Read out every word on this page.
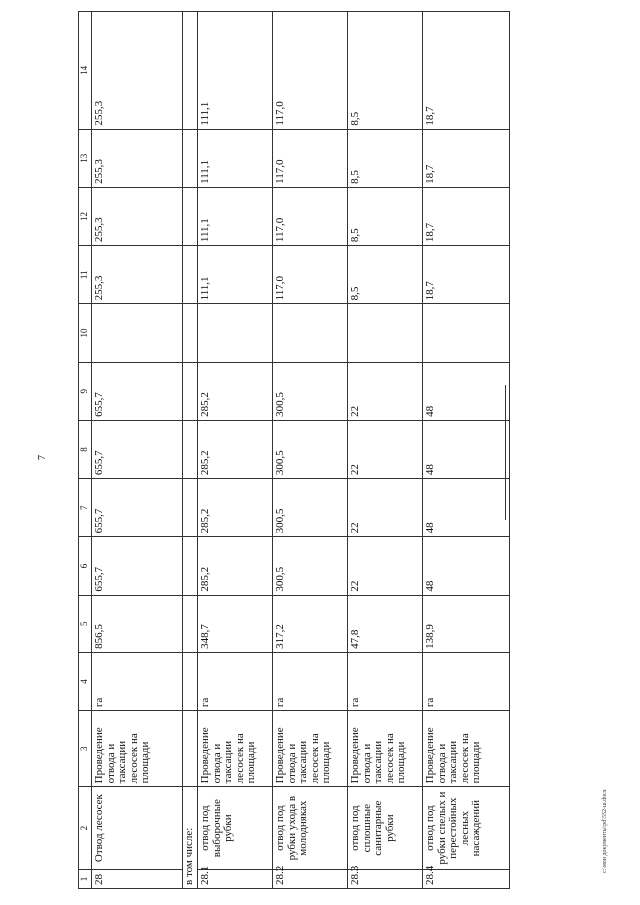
7
1	2	3	4	5	6	7	8	9	10	11	12	13	14
28	Отвод лесосек	Проведение отвода и таксации лесосек на площади	га	856,5	655,7	655,7	655,7	655,7		255,3	255,3	255,3	255,3
в том числе:													
28.1	отвод под выборочные рубки	Проведение отвода и таксации лесосек на площади	га	348,7	285,2	285,2	285,2	285,2		111,1	111,1	111,1	111,1
28.2	отвод под рубки ухода в молодняках	Проведение отвода и таксации лесосек на площади	га	317,2	300,5	300,5	300,5	300,5		117,0	117,0	117,0	117,0
28.3	отвод под сплошные санитарные рубки	Проведение отвода и таксации лесосек на площади	га	47,8	22	22	22	22		8,5	8,5	8,5	8,5
28.4	отвод под рубки спелых и перестойных лесных насаждений	Проведение отвода и таксации лесосек на площади	га	138,9	48	48	48	48		18,7	18,7	18,7	18,7
c:\мои документы\pd\552-ш.docx
